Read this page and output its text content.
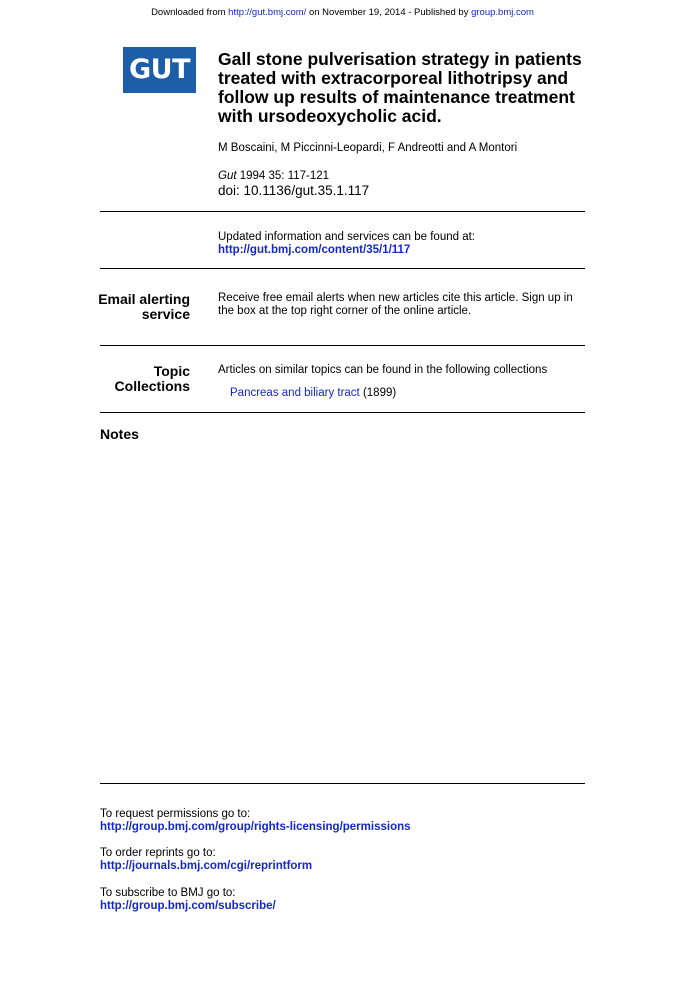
Downloaded from http://gut.bmj.com/ on November 19, 2014 - Published by group.bmj.com
GUT	Gall stone pulverisation strategy in patients treated with extracorporeal lithotripsy and follow up results of maintenance treatment with ursodeoxycholic acid.
M Boscaini, M Piccinni-Leopardi, F Andreotti and A Montori
Gut 1994 35: 117-121
doi: 10.1136/gut.35.1.117
Updated information and services can be found at:
http://gut.bmj.com/content/35/1/117
Email alerting
service
Receive free email alerts when new articles cite this article. Sign up in the box at the top right corner of the online article.
Topic
Collections
Articles on similar topics can be found in the following collections
Pancreas and biliary tract (1899)
Notes
To request permissions go to:
http://group.bmj.com/group/rights-licensing/permissions
To order reprints go to:
http://journals.bmj.com/cgi/reprintform
To subscribe to BMJ go to:
http://group.bmj.com/subscribe/
